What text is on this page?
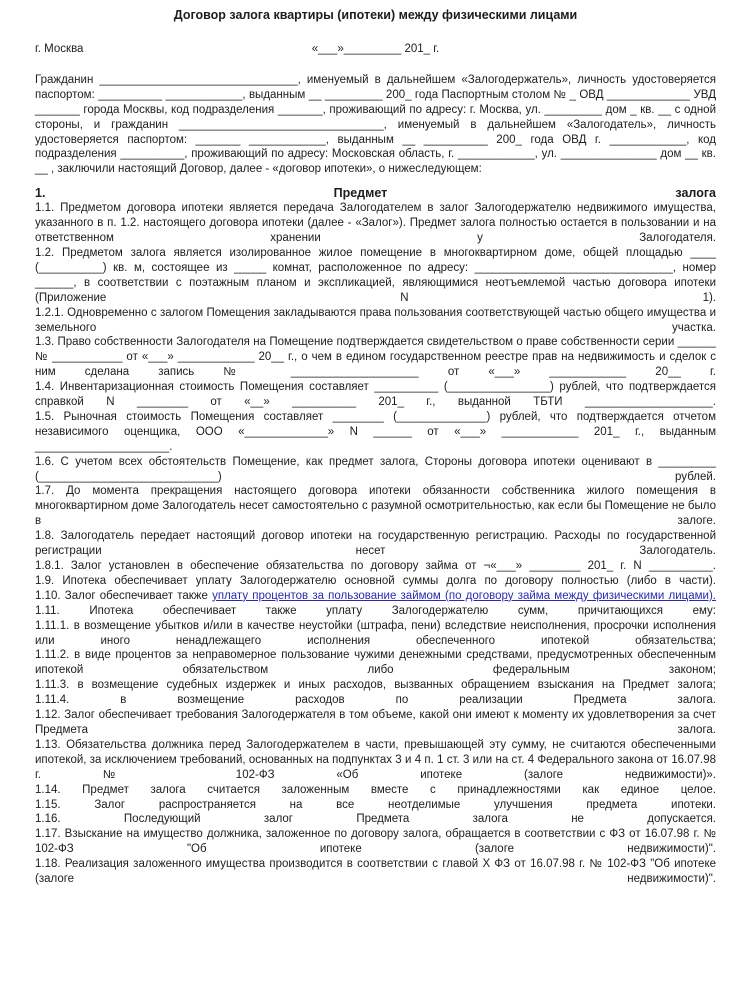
Договор залога квартиры (ипотеки) между физическими лицами
г. Москва	«___»_________ 201_ г.

Гражданин _______________________________, именуемый в дальнейшем «Залогодержатель», личность удостоверяется паспортом: __________ ____________, выданным __ _________ 200_ года Паспортным столом № _ ОВД _____________ УВД _______ города Москвы, код подразделения _______, проживающий по адресу: г. Москва, ул. _________ дом _ кв. __ с одной стороны, и гражданин ________________________________, именуемый в дальнейшем «Залогодатель», личность удостоверяется паспортом: _______ ____________, выданным __ __________ 200_ года ОВД г. ____________, код подразделения __________, проживающий по адресу: Московская область, г. ____________, ул. _______________ дом __ кв. __ , заключили настоящий Договор, далее - «договор ипотеки», о нижеследующем:

1.	Предмет	залога

1.1. Предметом договора ипотеки является передача Залогодателем в залог Залогодержателю недвижимого имущества, указанного в п. 1.2. настоящего договора ипотеки (далее - «Залог»). Предмет залога полностью остается в пользовании и на ответственном хранении у Залогодателя.

1.2. Предметом залога является изолированное жилое помещение в многоквартирном доме, общей площадью ____ (__________) кв. м, состоящее из _____ комнат, расположенное по адресу: _______________________________, номер ______, в соответствии с поэтажным планом и экспликацией, являющимися неотъемлемой частью договора ипотеки (Приложение N 1).

1.2.1. Одновременно с залогом Помещения закладываются права пользования соответствующей частью общего имущества и земельного участка.

1.3. Право собственности Залогодателя на Помещение подтверждается свидетельством о праве собственности серии ______ № ___________ от «___» ____________ 20__ г., о чем в едином государственном реестре прав на недвижимость и сделок с ним сделана запись № ____________________ от «___» ____________ 20__ г.

1.4. Инвентаризационная стоимость Помещения составляет __________ (________________) рублей, что подтверждается справкой N ________ от «__» __________ 201_ г., выданной ТБТИ ____________________.

1.5. Рыночная стоимость Помещения составляет ________ (______________) рублей, что подтверждается отчетом независимого оценщика, ООО «_____________» N ______ от «___» ____________ 201_ г., выданным _____________________.

1.6. С учетом всех обстоятельств Помещение, как предмет залога, Стороны договора ипотеки оценивают в _________ (____________________________) рублей.

1.7. До момента прекращения настоящего договора ипотеки обязанности собственника жилого помещения в многоквартирном доме Залогодатель несет самостоятельно с разумной осмотрительностью, как если бы Помещение не было в залоге.

1.8. Залогодатель передает настоящий договор ипотеки на государственную регистрацию. Расходы по государственной регистрации несет Залогодатель.

1.8.1. Залог установлен в обеспечение обязательства по договору займа от ¬«___» ________ 201_ г. N __________.

1.9. Ипотека обеспечивает уплату Залогодержателю основной суммы долга по договору полностью (либо в части).

1.10. Залог обеспечивает также уплату процентов за пользование займом (по договору займа между физическими лицами).

1.11. Ипотека обеспечивает также уплату Залогодержателю сумм, причитающихся ему:

1.11.1. в возмещение убытков и/или в качестве неустойки (штрафа, пени) вследствие неисполнения, просрочки исполнения или иного ненадлежащего исполнения обеспеченного ипотекой обязательства;

1.11.2. в виде процентов за неправомерное пользование чужими денежными средствами, предусмотренных обеспеченным ипотекой обязательством либо федеральным законом;

1.11.3. в возмещение судебных издержек и иных расходов, вызванных обращением взыскания на Предмет залога;

1.11.4. в возмещение расходов по реализации Предмета залога.

1.12. Залог обеспечивает требования Залогодержателя в том объеме, какой они имеют к моменту их удовлетворения за счет Предмета залога.

1.13. Обязательства должника перед Залогодержателем в части, превышающей эту сумму, не считаются обеспеченными ипотекой, за исключением требований, основанных на подпунктах 3 и 4 п. 1 ст. 3 или на ст. 4 Федерального закона от 16.07.98 г. № 102-ФЗ «Об ипотеке (залоге недвижимости)».

1.14. Предмет залога считается заложенным вместе с принадлежностями как единое целое.

1.15. Залог распространяется на все неотделимые улучшения предмета ипотеки.

1.16. Последующий залог Предмета залога не допускается.

1.17. Взыскание на имущество должника, заложенное по договору залога, обращается в соответствии с ФЗ от 16.07.98 г. № 102-ФЗ "Об ипотеке (залоге недвижимости)".

1.18. Реализация заложенного имущества производится в соответствии с главой X ФЗ от 16.07.98 г. № 102-ФЗ "Об ипотеке (залоге недвижимости)".
